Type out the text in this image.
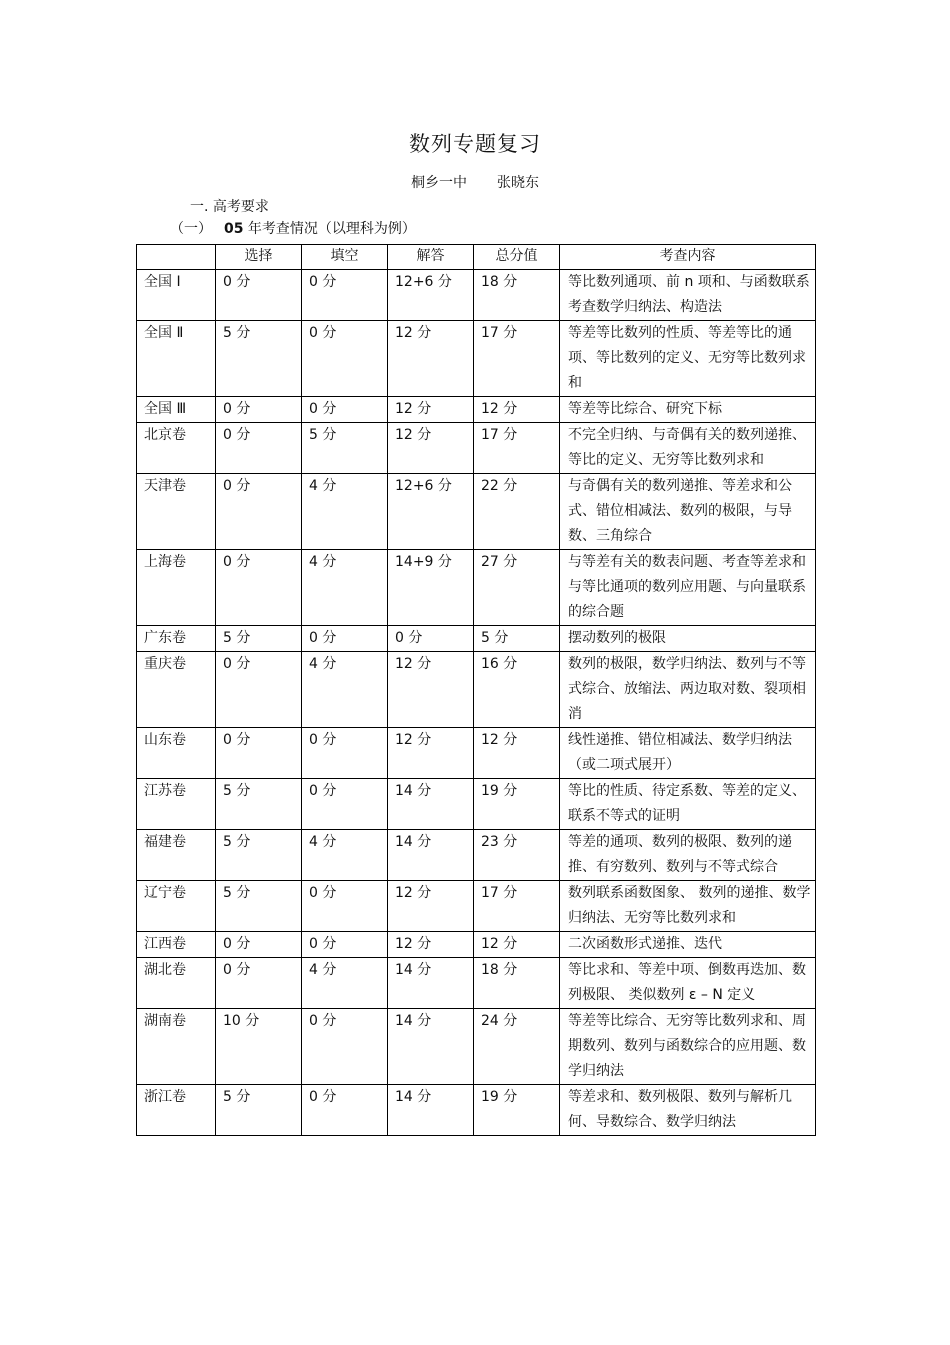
数列专题复习
桐乡一中 张晓东
一. 高考要求
（一） 05 年考查情况（以理科为例）
	选择	填空	解答	总分值	考查内容
全国 Ⅰ	0 分	0 分	12+6 分	18 分	等比数列通项、前 n 项和、与函数联系考查数学归纳法、构造法
全国 Ⅱ	5 分	0 分	12 分	17 分	等差等比数列的性质、等差等比的通项、等比数列的定义、无穷等比数列求和
全国 Ⅲ	0 分	0 分	12 分	12 分	等差等比综合、研究下标
北京卷	0 分	5 分	12 分	17 分	不完全归纳、与奇偶有关的数列递推、等比的定义、无穷等比数列求和
天津卷	0 分	4 分	12+6 分	22 分	与奇偶有关的数列递推、等差求和公式、错位相减法、数列的极限，与导数、三角综合
上海卷	0 分	4 分	14+9 分	27 分	与等差有关的数表问题、考查等差求和与等比通项的数列应用题、与向量联系的综合题
广东卷	5 分	0 分	0 分	5 分	摆动数列的极限
重庆卷	0 分	4 分	12 分	16 分	数列的极限，数学归纳法、数列与不等式综合、放缩法、两边取对数、裂项相消
山东卷	0 分	0 分	12 分	12 分	线性递推、错位相减法、数学归纳法（或二项式展开）
江苏卷	5 分	0 分	14 分	19 分	等比的性质、待定系数、等差的定义、联系不等式的证明
福建卷	5 分	4 分	14 分	23 分	等差的通项、数列的极限、数列的递推、有穷数列、数列与不等式综合
辽宁卷	5 分	0 分	12 分	17 分	数列联系函数图象、 数列的递推、数学归纳法、无穷等比数列求和
江西卷	0 分	0 分	12 分	12 分	二次函数形式递推、迭代
湖北卷	0 分	4 分	14 分	18 分	等比求和、等差中项、倒数再迭加、数列极限、 类似数列 ε – N 定义
湖南卷	10 分	0 分	14 分	24 分	等差等比综合、无穷等比数列求和、周期数列、数列与函数综合的应用题、数学归纳法
浙江卷	5 分	0 分	14 分	19 分	等差求和、数列极限、数列与解析几何、导数综合、数学归纳法
